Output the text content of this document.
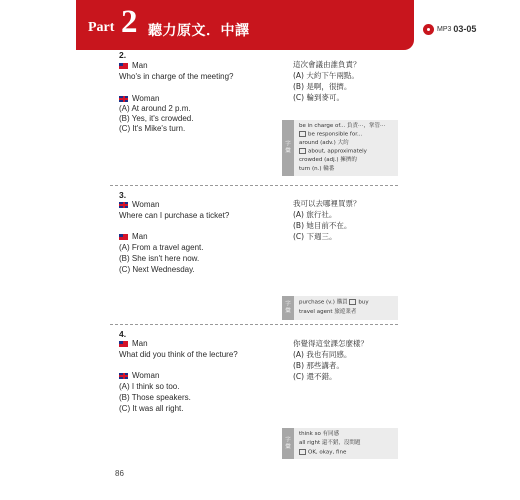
Part 2 聽力原文．中譯	MP3 03-05
2.
Man
Who's in charge of the meeting?
Woman
(A) At around 2 p.m.
(B) Yes, it's crowded.
(C) It's Mike's turn.
這次會議由誰負責？
(A) 大約下午兩點。
(B) 是啊，很擠。
(C) 輪到麥可。
字彙
be in charge of... 負責⋯，掌管⋯
be responsible for...
around (adv.) 大約
about, approximately
crowded (adj.) 擁擠的
turn (n.) 輪番
3.
Woman
Where can I purchase a ticket?
Man
(A) From a travel agent.
(B) She isn't here now.
(C) Next Wednesday.
我可以去哪裡買票？
(A) 旅行社。
(B) 她目前不在。
(C) 下週三。
字彙
purchase (v.) 購買 buy
travel agent 旅遊業者
4.
Man
What did you think of the lecture?
Woman
(A) I think so too.
(B) Those speakers.
(C) It was all right.
你覺得這堂課怎麼樣？
(A) 我也有同感。
(B) 那些講者。
(C) 還不錯。
字彙
think so 有同感
all right 還不錯，沒問題
OK, okay, fine
86
